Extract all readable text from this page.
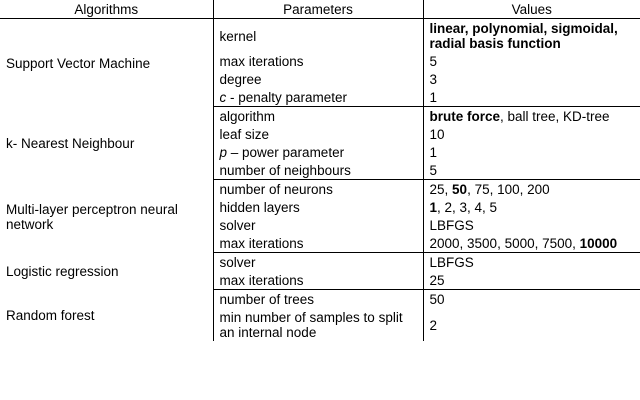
Algorithms	Parameters	Values
Support Vector Machine	kernel	linear, polynomial, sigmoidal, radial basis function
	max iterations	5
	degree	3
	c - penalty parameter	1
k- Nearest Neighbour	algorithm	brute force, ball tree, KD-tree
	leaf size	10
	p – power parameter	1
	number of neighbours	5
Multi-layer perceptron neural network	number of neurons	25, 50, 75, 100, 200
	hidden layers	1, 2, 3, 4, 5
	solver	LBFGS
	max iterations	2000, 3500, 5000, 7500, 10000
Logistic regression	solver	LBFGS
	max iterations	25
Random forest	number of trees	50
	min number of samples to split an internal node	2
